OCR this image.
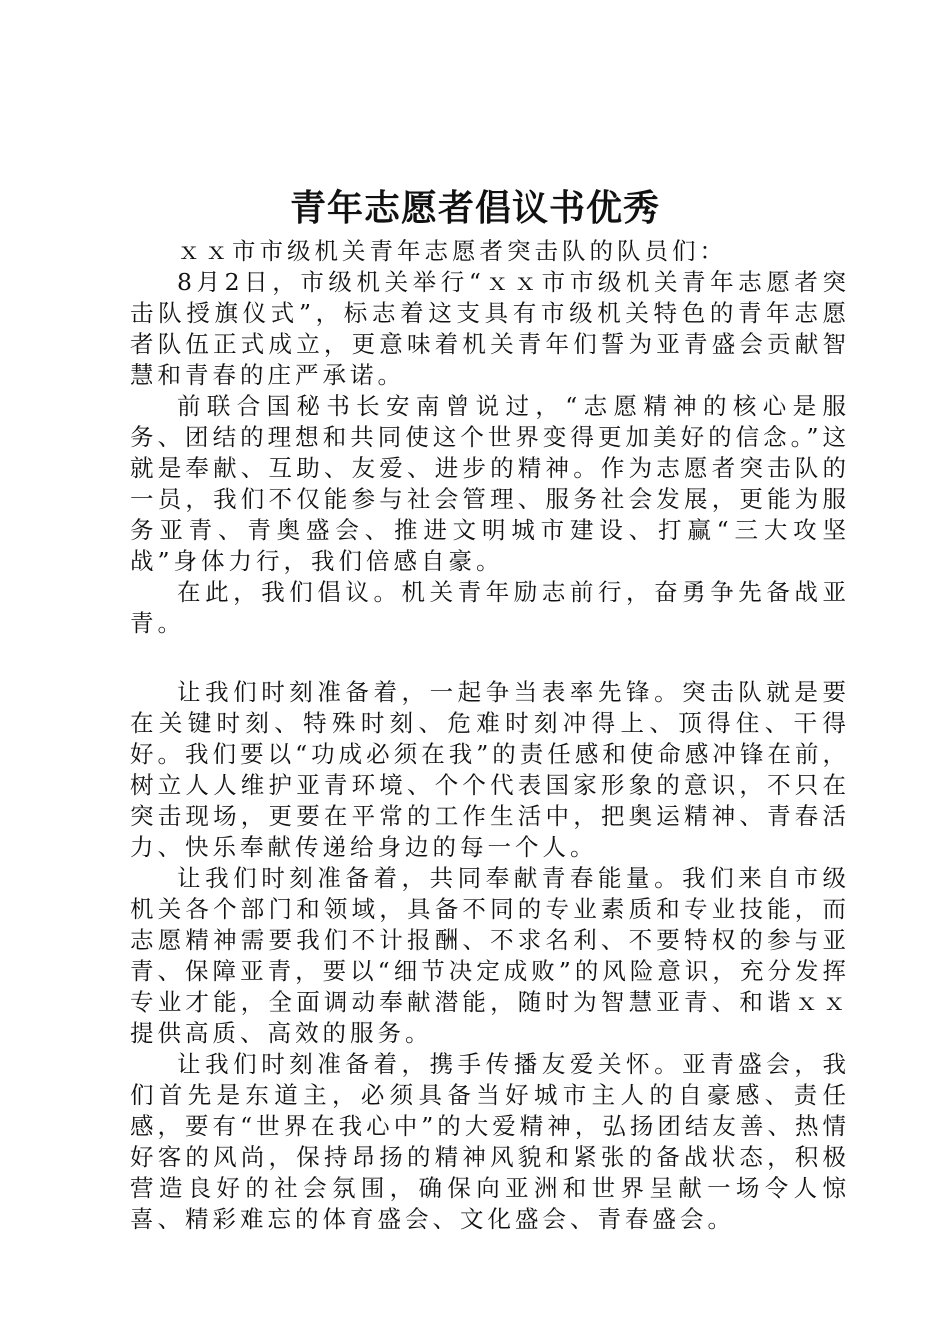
青年志愿者倡议书优秀

ｘｘ市市级机关青年志愿者突击队的队员们：

8月2日，市级机关举行“ｘｘ市市级机关青年志愿者突击队授旗仪式”，标志着这支具有市级机关特色的青年志愿者队伍正式成立，更意味着机关青年们誓为亚青盛会贡献智慧和青春的庄严承诺。

前联合国秘书长安南曾说过，“志愿精神的核心是服务、团结的理想和共同使这个世界变得更加美好的信念。”这就是奉献、互助、友爱、进步的精神。作为志愿者突击队的一员，我们不仅能参与社会管理、服务社会发展，更能为服务亚青、青奥盛会、推进文明城市建设、打赢“三大攻坚战”身体力行，我们倍感自豪。

在此，我们倡议。机关青年励志前行，奋勇争先备战亚青。

让我们时刻准备着，一起争当表率先锋。突击队就是要在关键时刻、特殊时刻、危难时刻冲得上、顶得住、干得好。我们要以“功成必须在我”的责任感和使命感冲锋在前，树立人人维护亚青环境、个个代表国家形象的意识，不只在突击现场，更要在平常的工作生活中，把奥运精神、青春活力、快乐奉献传递给身边的每一个人。

让我们时刻准备着，共同奉献青春能量。我们来自市级机关各个部门和领域，具备不同的专业素质和专业技能，而志愿精神需要我们不计报酬、不求名利、不要特权的参与亚青、保障亚青，要以“细节决定成败”的风险意识，充分发挥专业才能，全面调动奉献潜能，随时为智慧亚青、和谐ｘｘ提供高质、高效的服务。

让我们时刻准备着，携手传播友爱关怀。亚青盛会，我们首先是东道主，必须具备当好城市主人的自豪感、责任感，要有“世界在我心中”的大爱精神，弘扬团结友善、热情好客的风尚，保持昂扬的精神风貌和紧张的备战状态，积极营造良好的社会氛围，确保向亚洲和世界呈献一场令人惊喜、精彩难忘的体育盛会、文化盛会、青春盛会。
